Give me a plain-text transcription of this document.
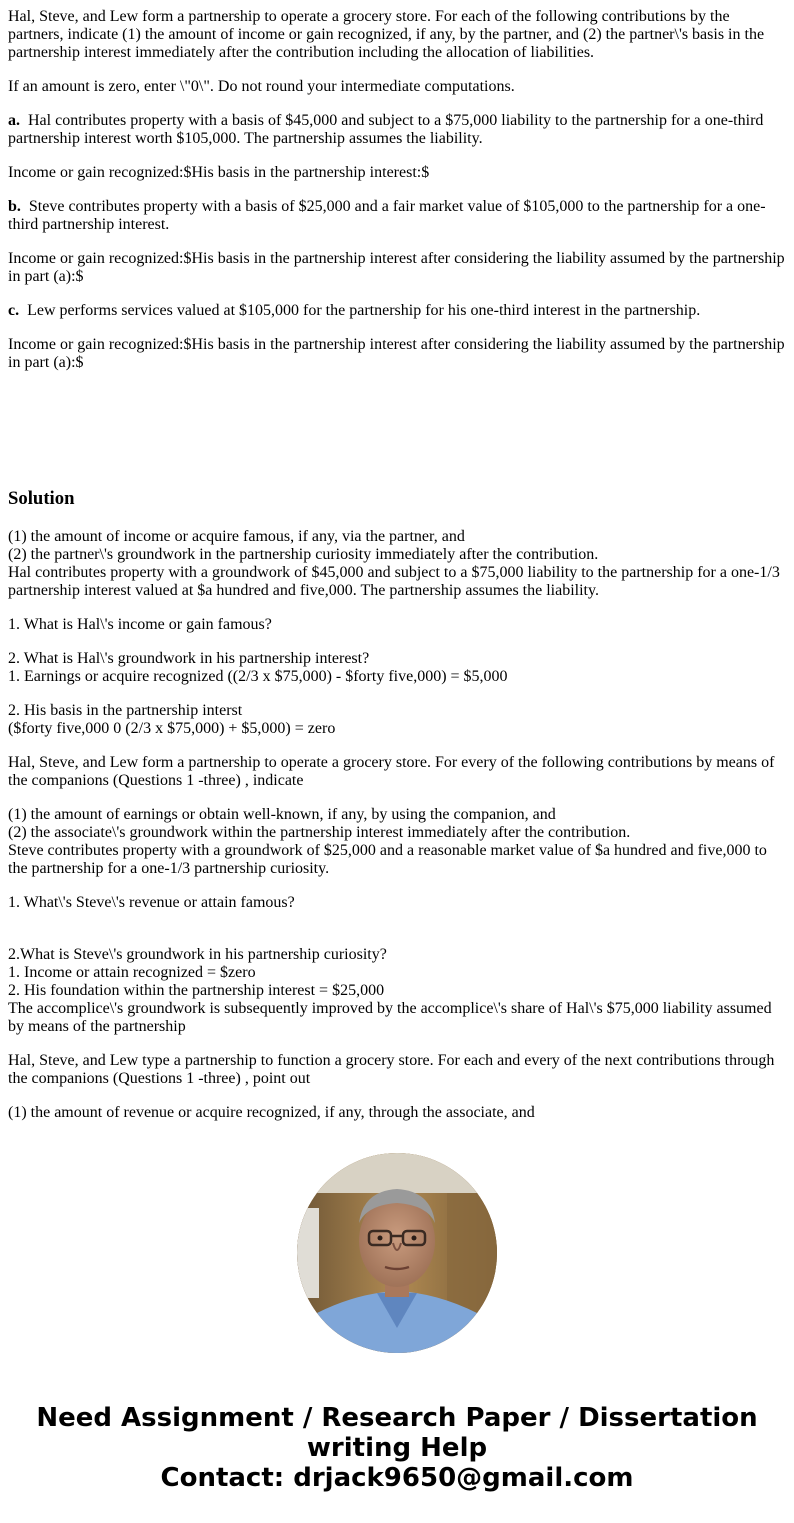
Hal, Steve, and Lew form a partnership to operate a grocery store. For each of the following contributions by the partners, indicate (1) the amount of income or gain recognized, if any, by the partner, and (2) the partner\'s basis in the partnership interest immediately after the contribution including the allocation of liabilities.

If an amount is zero, enter \"0\". Do not round your intermediate computations.

a. Hal contributes property with a basis of $45,000 and subject to a $75,000 liability to the partnership for a one-third partnership interest worth $105,000. The partnership assumes the liability.

Income or gain recognized:$His basis in the partnership interest:$

b. Steve contributes property with a basis of $25,000 and a fair market value of $105,000 to the partnership for a one-third partnership interest.

Income or gain recognized:$His basis in the partnership interest after considering the liability assumed by the partnership in part (a):$

c. Lew performs services valued at $105,000 for the partnership for his one-third interest in the partnership.

Income or gain recognized:$His basis in the partnership interest after considering the liability assumed by the partnership in part (a):$

Solution
(1) the amount of income or acquire famous, if any, via the partner, and
(2) the partner\'s groundwork in the partnership curiosity immediately after the contribution.
Hal contributes property with a groundwork of $45,000 and subject to a $75,000 liability to the partnership for a one-1/3 partnership interest valued at $a hundred and five,000. The partnership assumes the liability.
1. What is Hal\'s income or gain famous?
2. What is Hal\'s groundwork in his partnership interest?
1. Earnings or acquire recognized ((2/3 x $75,000) - $forty five,000) = $5,000
2. His basis in the partnership interst
($forty five,000 0 (2/3 x $75,000) + $5,000) = zero
Hal, Steve, and Lew form a partnership to operate a grocery store. For every of the following contributions by means of the companions (Questions 1 -three) , indicate
(1) the amount of earnings or obtain well-known, if any, by using the companion, and
(2) the associate\'s groundwork within the partnership interest immediately after the contribution.
Steve contributes property with a groundwork of $25,000 and a reasonable market value of $a hundred and five,000 to the partnership for a one-1/3 partnership curiosity.
1. What\'s Steve\'s revenue or attain famous?
2.What is Steve\'s groundwork in his partnership curiosity?
1. Income or attain recognized = $zero
2. His foundation within the partnership interest = $25,000
The accomplice\'s groundwork is subsequently improved by the accomplice\'s share of Hal\'s $75,000 liability assumed by means of the partnership
Hal, Steve, and Lew type a partnership to function a grocery store. For each and every of the next contributions through the companions (Questions 1 -three) , point out
(1) the amount of revenue or acquire recognized, if any, through the associate, and
Need Assignment / Research Paper / Dissertation
writing Help
Contact: drjack9650@gmail.com
